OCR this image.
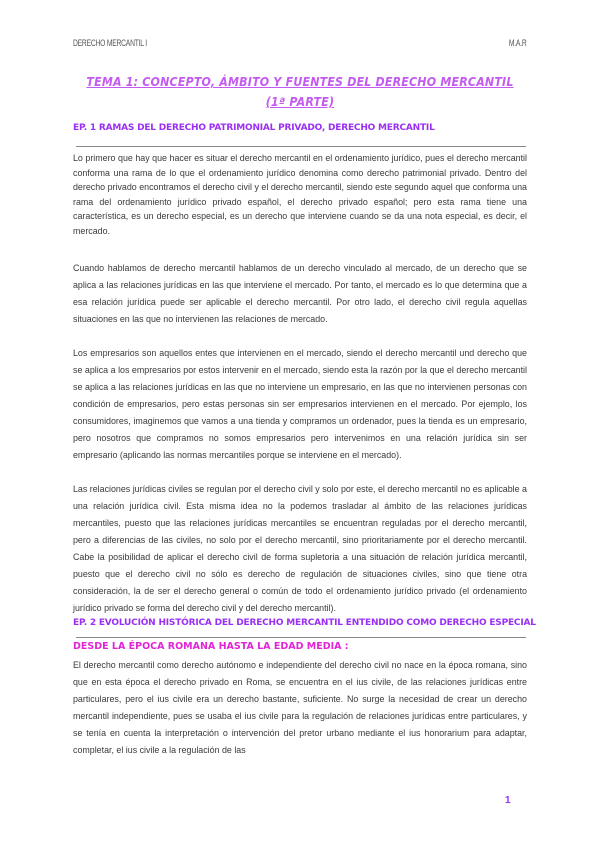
DERECHO MERCANTIL I	M.A.R
TEMA 1: CONCEPTO, ÁMBITO Y FUENTES DEL DERECHO MERCANTIL
(1ª PARTE)
EP. 1 RAMAS DEL DERECHO PATRIMONIAL PRIVADO, DERECHO MERCANTIL

Lo primero que hay que hacer es situar el derecho mercantil en el ordenamiento jurídico, pues el derecho mercantil conforma una rama de lo que el ordenamiento jurídico denomina como derecho patrimonial privado. Dentro del derecho privado encontramos el derecho civil y el derecho mercantil, siendo este segundo aquel que conforma una rama del ordenamiento jurídico privado español, el derecho privado español; pero esta rama tiene una característica, es un derecho especial, es un derecho que interviene cuando se da una nota especial, es decir, el mercado.

Cuando hablamos de derecho mercantil hablamos de un derecho vinculado al mercado, de un derecho que se aplica a las relaciones jurídicas en las que interviene el mercado. Por tanto, el mercado es lo que determina que a esa relación jurídica puede ser aplicable el derecho mercantil. Por otro lado, el derecho civil regula aquellas situaciones en las que no intervienen las relaciones de mercado.

Los empresarios son aquellos entes que intervienen en el mercado, siendo el derecho mercantil und derecho que se aplica a los empresarios por estos intervenir en el mercado, siendo esta la razón por la que el derecho mercantil se aplica a las relaciones jurídicas en las que no interviene un empresario, en las que no intervienen personas con condición de empresarios, pero estas personas sin ser empresarios intervienen en el mercado. Por ejemplo, los consumidores, imaginemos que vamos a una tienda y compramos un ordenador, pues la tienda es un empresario, pero nosotros que compramos no somos empresarios pero intervenimos en una relación jurídica sin ser empresario (aplicando las normas mercantiles porque se interviene en el mercado).

Las relaciones jurídicas civiles se regulan por el derecho civil y solo por este, el derecho mercantil no es aplicable a una relación jurídica civil. Esta misma idea no la podemos trasladar al ámbito de las relaciones jurídicas mercantiles, puesto que las relaciones jurídicas mercantiles se encuentran reguladas por el derecho mercantil, pero a diferencias de las civiles, no solo por el derecho mercantil, sino prioritariamente por el derecho mercantil. Cabe la posibilidad de aplicar el derecho civil de forma supletoria a una situación de relación jurídica mercantil, puesto que el derecho civil no sólo es derecho de regulación de situaciones civiles, sino que tiene otra consideración, la de ser el derecho general o común de todo el ordenamiento jurídico privado (el ordenamiento jurídico privado se forma del derecho civil y del derecho mercantil).

EP. 2 EVOLUCIÓN HISTÓRICA DEL DERECHO MERCANTIL ENTENDIDO COMO DERECHO ESPECIAL
DESDE LA ÉPOCA ROMANA HASTA LA EDAD MEDIA :

El derecho mercantil como derecho autónomo e independiente del derecho civil no nace en la época romana, sino que en esta época el derecho privado en Roma, se encuentra en el ius civile, de las relaciones jurídicas entre particulares, pero el ius civile era un derecho bastante, suficiente. No surge la necesidad de crear un derecho mercantil independiente, pues se usaba el ius civile para la regulación de relaciones jurídicas entre particulares, y se tenía en cuenta la interpretación o intervención del pretor urbano mediante el ius honorarium para adaptar, completar, el ius civile a la regulación de las

1
